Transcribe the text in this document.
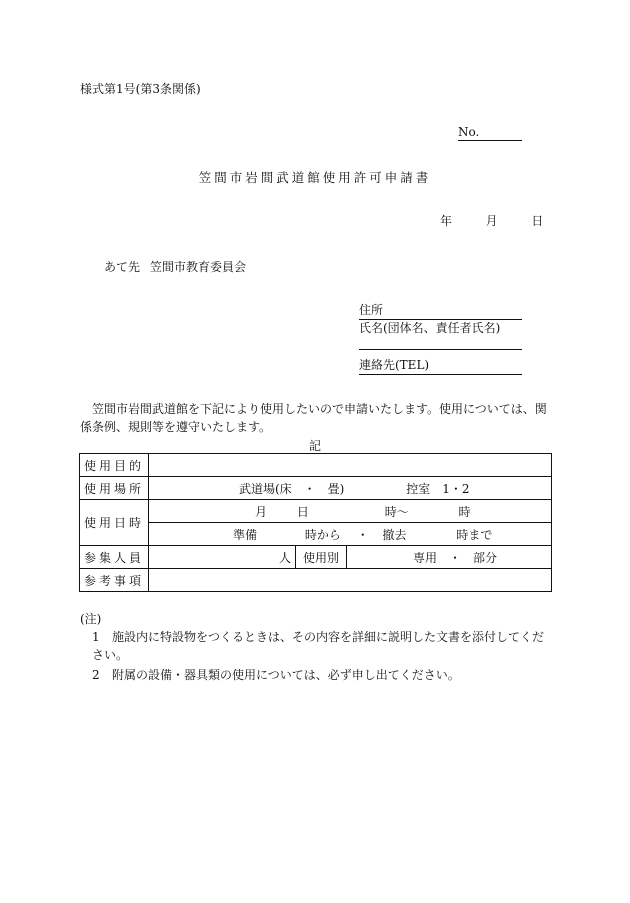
様式第1号(第3条関係)
No.
笠間市岩間武道館使用許可申請書
年	月	日
あて先 笠間市教育委員会
住所
氏名(団体名、責任者氏名)
連絡先(TEL)
笠間市岩間武道館を下記により使用したいので申請いたします。使用については、関係条例、規則等を遵守いたします。
記
使用目的			
使用場所	武道場(床　・　畳) 控室　1・2		
使用日時	月 日 時〜 時		
	準備 時から ・ 撤去 時まで		
参集人員	人	使用別	専用　・　部分
参考事項			
(注)
1 施設内に特設物をつくるときは、その内容を詳細に説明した文書を添付してください。
2 附属の設備・器具類の使用については、必ず申し出てください。
